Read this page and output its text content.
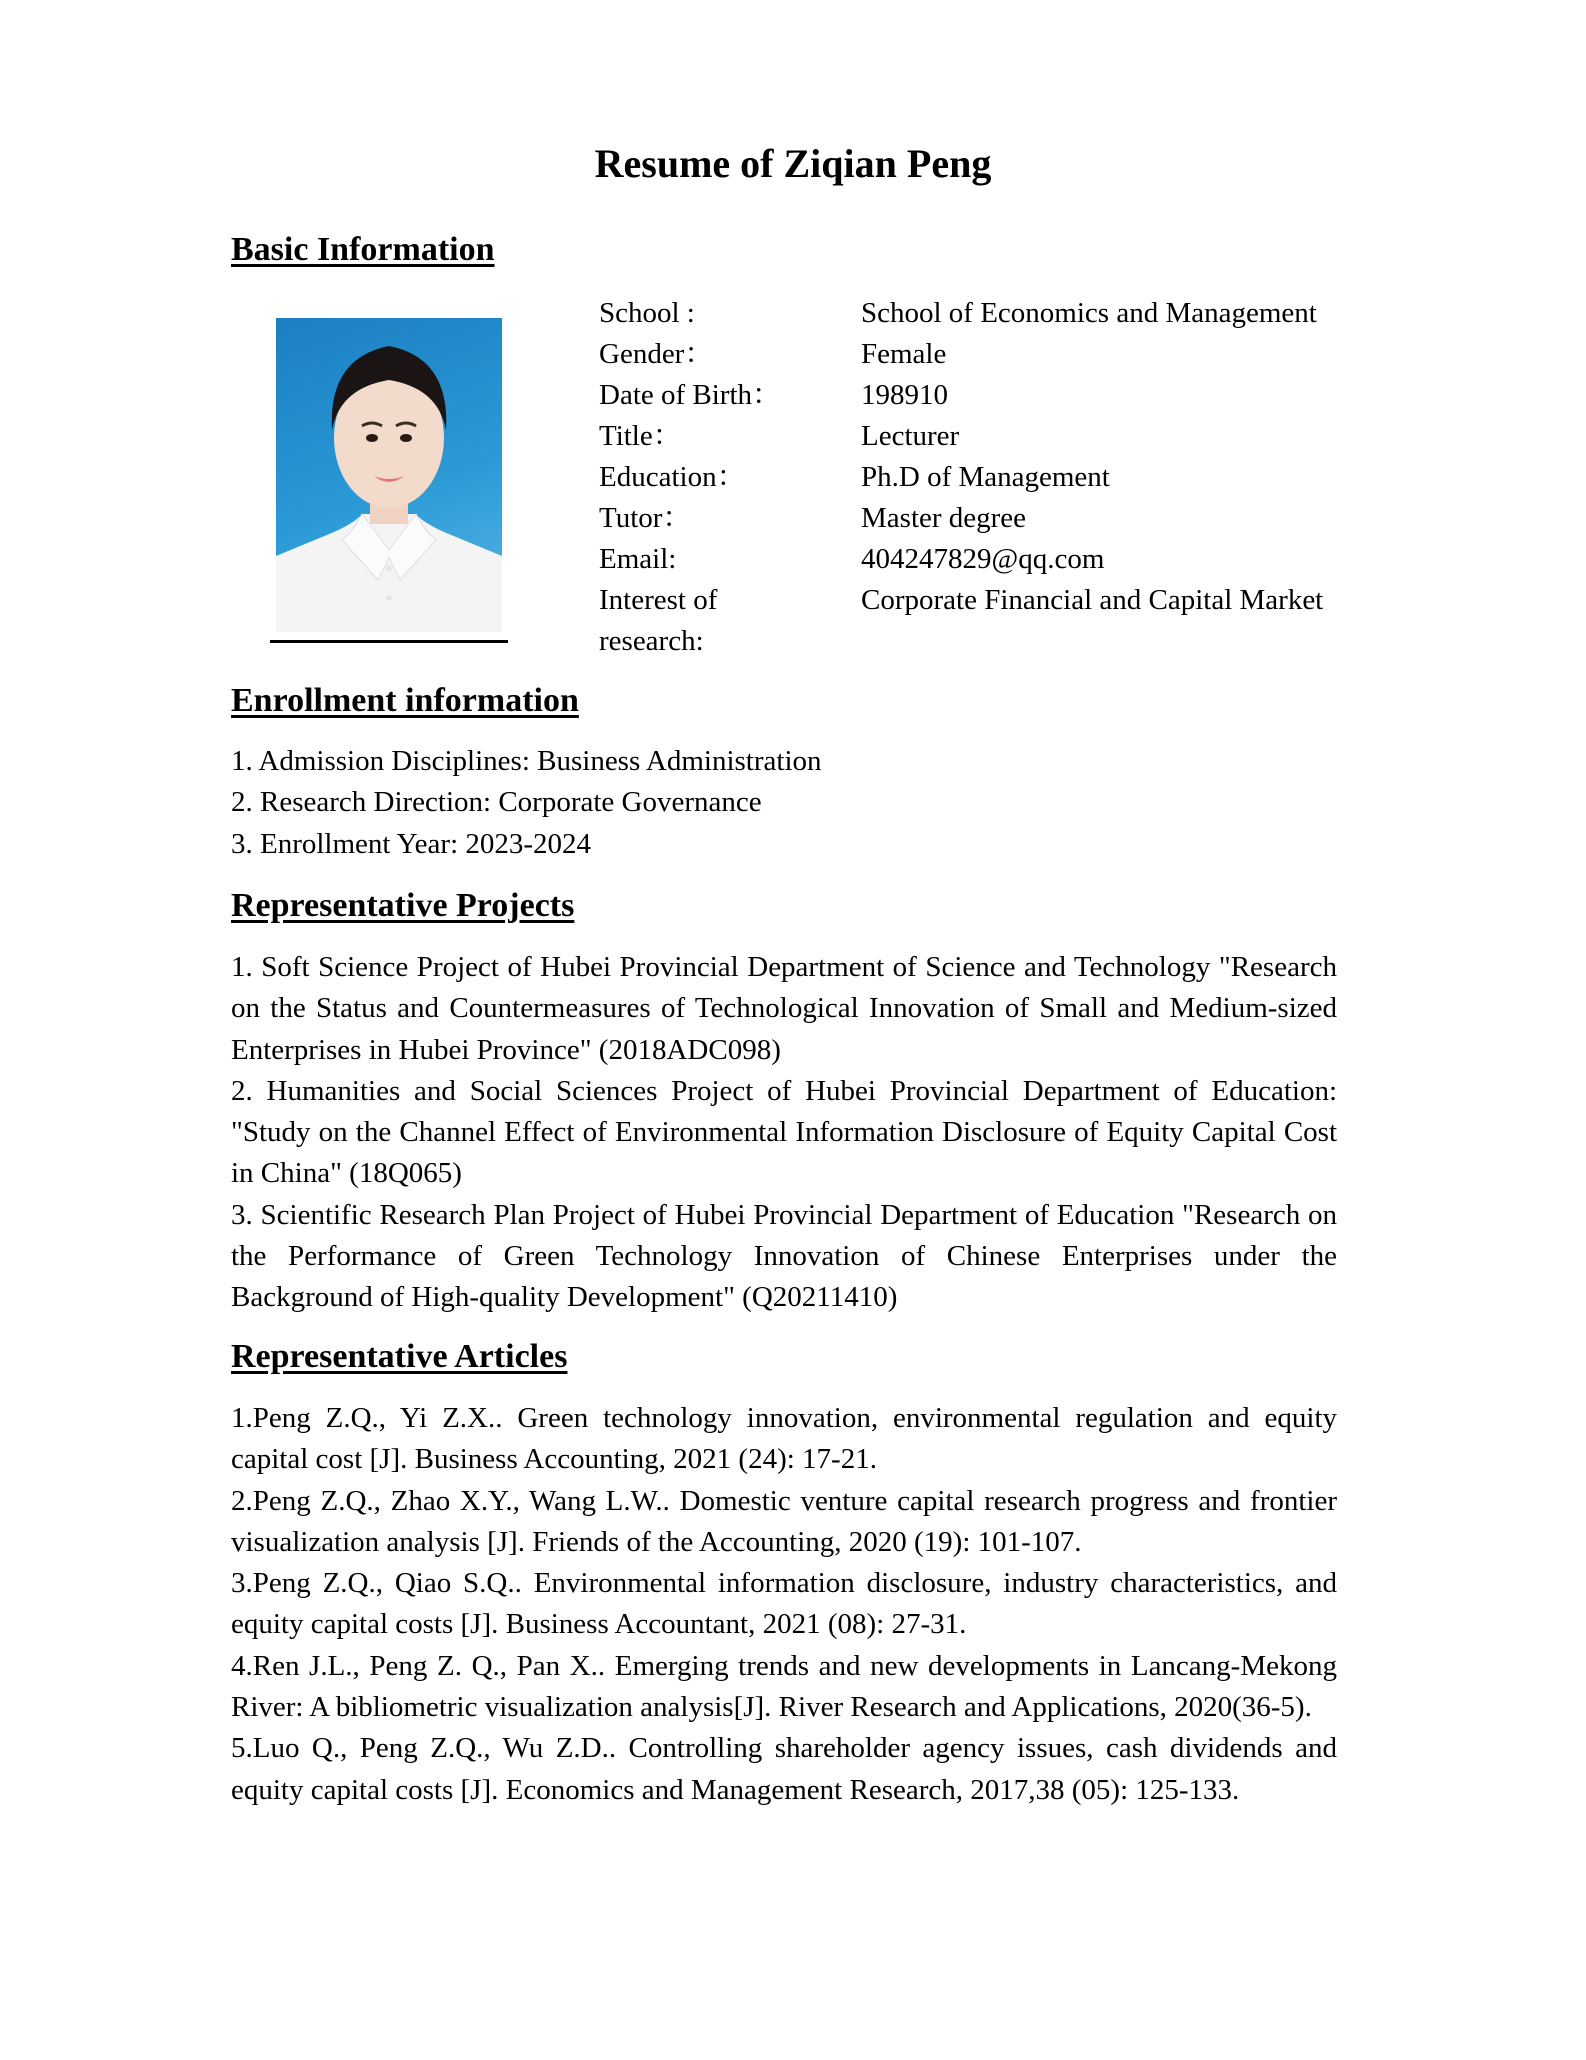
Resume of Ziqian Peng
Basic Information
School :	School of Economics and Management
Gender：	Female
Date of Birth：	198910
Title：	Lecturer
Education：	Ph.D of Management
Tutor：	Master degree
Email:	404247829@qq.com
Interest of research:
Corporate Financial and Capital Market
Enrollment information

1. Admission Disciplines: Business Administration

2. Research Direction: Corporate Governance

3. Enrollment Year: 2023-2024

Representative Projects

1. Soft Science Project of Hubei Provincial Department of Science and Technology "Research on the Status and Countermeasures of Technological Innovation of Small and Medium-sized Enterprises in Hubei Province" (2018ADC098)

2. Humanities and Social Sciences Project of Hubei Provincial Department of Education: "Study on the Channel Effect of Environmental Information Disclosure of Equity Capital Cost in China" (18Q065)

3. Scientific Research Plan Project of Hubei Provincial Department of Education "Research on the Performance of Green Technology Innovation of Chinese Enterprises under the Background of High-quality Development" (Q20211410)

Representative Articles

1.Peng Z.Q., Yi Z.X.. Green technology innovation, environmental regulation and equity capital cost [J]. Business Accounting, 2021 (24): 17-21.

2.Peng Z.Q., Zhao X.Y., Wang L.W.. Domestic venture capital research progress and frontier visualization analysis [J]. Friends of the Accounting, 2020 (19): 101-107.

3.Peng Z.Q., Qiao S.Q.. Environmental information disclosure, industry characteristics, and equity capital costs [J]. Business Accountant, 2021 (08): 27-31.

4.Ren J.L., Peng Z. Q., Pan X.. Emerging trends and new developments in Lancang-Mekong River: A bibliometric visualization analysis[J]. River Research and Applications, 2020(36-5).

5.Luo Q., Peng Z.Q., Wu Z.D.. Controlling shareholder agency issues, cash dividends and equity capital costs [J]. Economics and Management Research, 2017,38 (05): 125-133.
